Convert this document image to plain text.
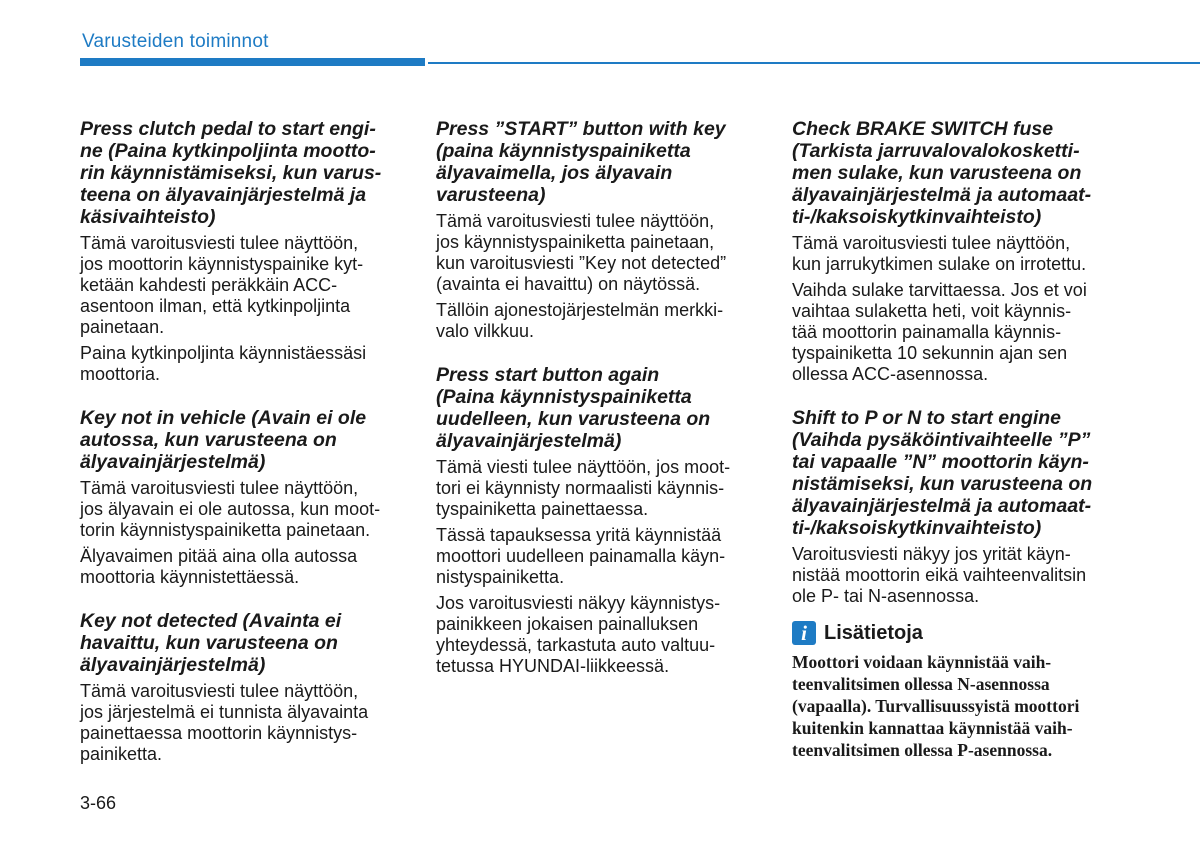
Varusteiden toiminnot
Press clutch pedal to start engi-
ne (Paina kytkinpoljinta mootto-
rin käynnistämiseksi, kun varus-
teena on älyavainjärjestelmä ja
käsivaihteisto)
Tämä varoitusviesti tulee näyttöön,
jos moottorin käynnistyspainike kyt-
ketään kahdesti peräkkäin ACC-
asentoon ilman, että kytkinpoljinta
painetaan.
Paina kytkinpoljinta käynnistäessäsi
moottoria.
Key not in vehicle (Avain ei ole
autossa, kun varusteena on
älyavainjärjestelmä)
Tämä varoitusviesti tulee näyttöön,
jos älyavain ei ole autossa, kun moot-
torin käynnistyspainiketta painetaan.
Älyavaimen pitää aina olla autossa
moottoria käynnistettäessä.
Key not detected (Avainta ei
havaittu, kun varusteena on
älyavainjärjestelmä)
Tämä varoitusviesti tulee näyttöön,
jos järjestelmä ei tunnista älyavainta
painettaessa moottorin käynnistys-
painiketta.
Press ”START” button with key
(paina käynnistyspainiketta
älyavaimella, jos älyavain
varusteena)
Tämä varoitusviesti tulee näyttöön,
jos käynnistyspainiketta painetaan,
kun varoitusviesti ”Key not detected”
(avainta ei havaittu) on näytössä.
Tällöin ajonestojärjestelmän merkki-
valo vilkkuu.
Press start button again
(Paina käynnistyspainiketta
uudelleen, kun varusteena on
älyavainjärjestelmä)
Tämä viesti tulee näyttöön, jos moot-
tori ei käynnisty normaalisti käynnis-
tyspainiketta painettaessa.
Tässä tapauksessa yritä käynnistää
moottori uudelleen painamalla käyn-
nistyspainiketta.
Jos varoitusviesti näkyy käynnistys-
painikkeen jokaisen painalluksen
yhteydessä, tarkastuta auto valtuu-
tetussa HYUNDAI-liikkeessä.
Check BRAKE SWITCH fuse
(Tarkista jarruvalovalokosketti-
men sulake, kun varusteena on
älyavainjärjestelmä ja automaat-
ti-/kaksoiskytkinvaihteisto)
Tämä varoitusviesti tulee näyttöön,
kun jarrukytkimen sulake on irrotettu.
Vaihda sulake tarvittaessa. Jos et voi
vaihtaa sulaketta heti, voit käynnis-
tää moottorin painamalla käynnis-
tyspainiketta 10 sekunnin ajan sen
ollessa ACC-asennossa.
Shift to P or N to start engine
(Vaihda pysäköintivaihteelle ”P”
tai vapaalle ”N” moottorin käyn-
nistämiseksi, kun varusteena on
älyavainjärjestelmä ja automaat-
ti-/kaksoiskytkinvaihteisto)
Varoitusviesti näkyy jos yrität käyn-
nistää moottorin eikä vaihteenvalitsin
ole P- tai N-asennossa.
i Lisätietoja
Moottori voidaan käynnistää vaih-
teenvalitsimen ollessa N-asennossa
(vapaalla). Turvallisuussyistä moottori
kuitenkin kannattaa käynnistää vaih-
teenvalitsimen ollessa P-asennossa.
3-66
